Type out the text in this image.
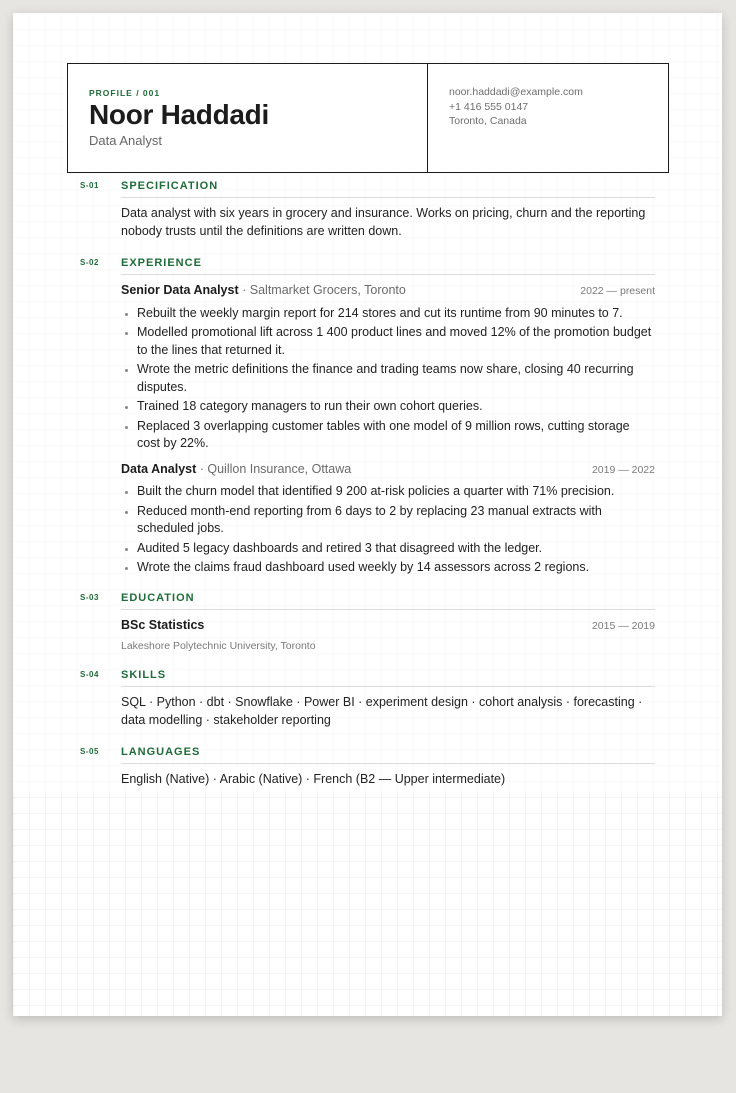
PROFILE / 001
Noor Haddadi
Data Analyst
noor.haddadi@example.com
+1 416 555 0147
Toronto, Canada
S-01 SPECIFICATION
Data analyst with six years in grocery and insurance. Works on pricing, churn and the reporting nobody trusts until the definitions are written down.
S-02 EXPERIENCE
Senior Data Analyst · Saltmarket Grocers, Toronto	2022 — present
• Rebuilt the weekly margin report for 214 stores and cut its runtime from 90 minutes to 7.
• Modelled promotional lift across 1 400 product lines and moved 12% of the promotion budget to the lines that returned it.
• Wrote the metric definitions the finance and trading teams now share, closing 40 recurring disputes.
• Trained 18 category managers to run their own cohort queries.
• Replaced 3 overlapping customer tables with one model of 9 million rows, cutting storage cost by 22%.
Data Analyst · Quillon Insurance, Ottawa	2019 — 2022
• Built the churn model that identified 9 200 at-risk policies a quarter with 71% precision.
• Reduced month-end reporting from 6 days to 2 by replacing 23 manual extracts with scheduled jobs.
• Audited 5 legacy dashboards and retired 3 that disagreed with the ledger.
• Wrote the claims fraud dashboard used weekly by 14 assessors across 2 regions.
S-03 EDUCATION
BSc Statistics	2015 — 2019
Lakeshore Polytechnic University, Toronto
S-04 SKILLS
SQL · Python · dbt · Snowflake · Power BI · experiment design · cohort analysis · forecasting · data modelling · stakeholder reporting
S-05 LANGUAGES
English (Native) · Arabic (Native) · French (B2 — Upper intermediate)
